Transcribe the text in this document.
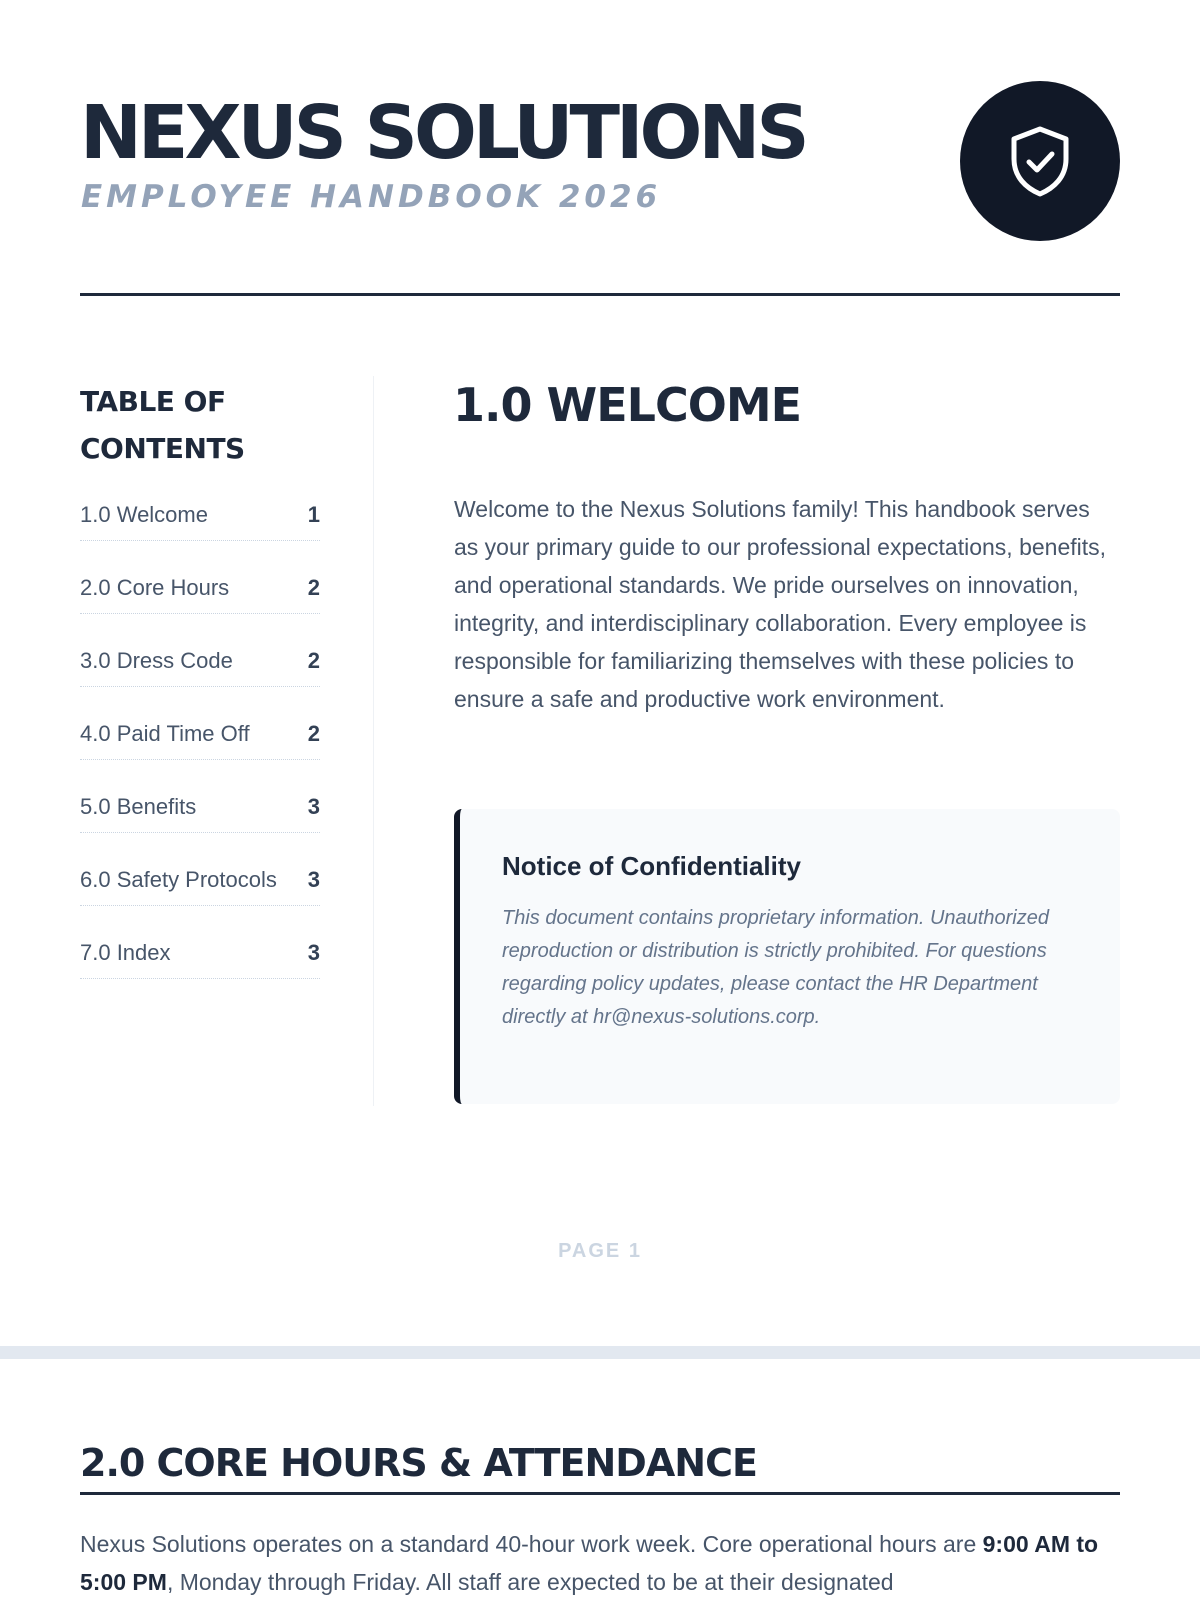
NEXUS SOLUTIONS
EMPLOYEE HANDBOOK 2026
TABLE OF CONTENTS
1.0 Welcome	1
2.0 Core Hours	2
3.0 Dress Code	2
4.0 Paid Time Off	2
5.0 Benefits	3
6.0 Safety Protocols	3
7.0 Index	3
1.0 WELCOME

Welcome to the Nexus Solutions family! This handbook serves as your primary guide to our professional expectations, benefits, and operational standards. We pride ourselves on innovation, integrity, and interdisciplinary collaboration. Every employee is responsible for familiarizing themselves with these policies to ensure a safe and productive work environment.

Notice of Confidentiality

This document contains proprietary information. Unauthorized reproduction or distribution is strictly prohibited. For questions regarding policy updates, please contact the HR Department directly at hr@nexus-solutions.corp.

PAGE 1
2.0 CORE HOURS & ATTENDANCE

Nexus Solutions operates on a standard 40-hour work week. Core operational hours are 9:00 AM to 5:00 PM, Monday through Friday. All staff are expected to be at their designated
